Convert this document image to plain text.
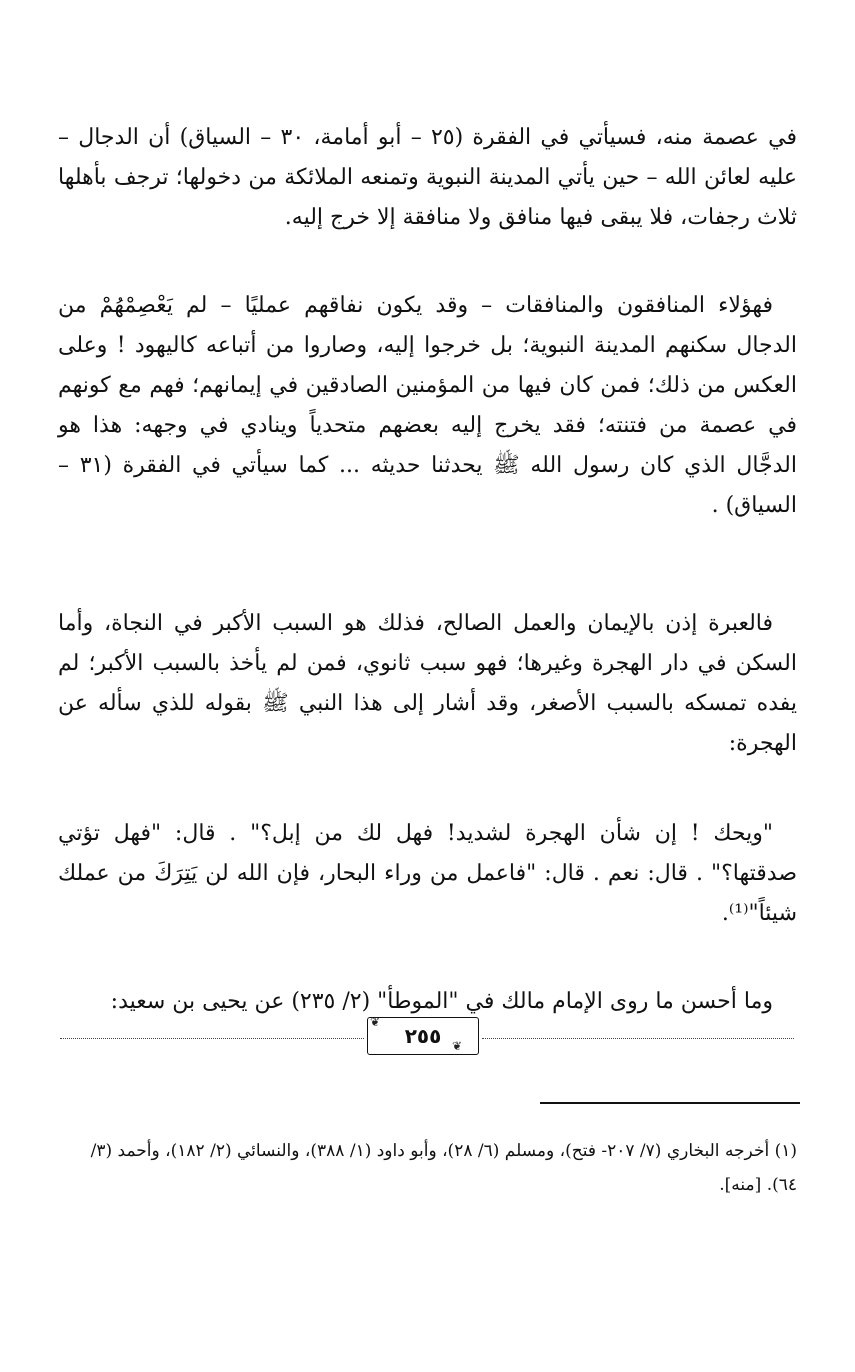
في عصمة منه، فسيأتي في الفقرة (٢٥ – أبو أمامة، ٣٠ – السياق) أن الدجال – عليه لعائن الله – حين يأتي المدينة النبوية وتمنعه الملائكة من دخولها؛ ترجف بأهلها ثلاث رجفات، فلا يبقى فيها منافق ولا منافقة إلا خرج إليه.

فهؤلاء المنافقون والمنافقات – وقد يكون نفاقهم عمليًا – لم يَعْصِمْهُمْ من الدجال سكنهم المدينة النبوية؛ بل خرجوا إليه، وصاروا من أتباعه كاليهود ! وعلى العكس من ذلك؛ فمن كان فيها من المؤمنين الصادقين في إيمانهم؛ فهم مع كونهم في عصمة من فتنته؛ فقد يخرج إليه بعضهم متحدياً وينادي في وجهه: هذا هو الدجَّال الذي كان رسول الله ﷺ يحدثنا حديثه ... كما سيأتي في الفقرة (٣١ – السياق) .

فالعبرة إذن بالإيمان والعمل الصالح، فذلك هو السبب الأكبر في النجاة، وأما السكن في دار الهجرة وغيرها؛ فهو سبب ثانوي، فمن لم يأخذ بالسبب الأكبر؛ لم يفده تمسكه بالسبب الأصغر، وقد أشار إلى هذا النبي ﷺ بقوله للذي سأله عن الهجرة:

"ويحك ! إن شأن الهجرة لشديد! فهل لك من إبل؟" . قال: "فهل تؤتي صدقتها؟" . قال: نعم . قال: "فاعمل من وراء البحار، فإن الله لن يَتِرَكَ من عملك شيئاً"⁽¹⁾.

وما أحسن ما روى الإمام مالك في "الموطأ" (٢/ ٢٣٥) عن يحيى بن سعيد:

(١) أخرجه البخاري (٧/ ٢٠٧- فتح)، ومسلم (٦/ ٢٨)، وأبو داود (١/ ٣٨٨)، والنسائي (٢/ ١٨٢)، وأحمد (٣/ ٦٤). [منه].

❦
❦
٢٥٥
